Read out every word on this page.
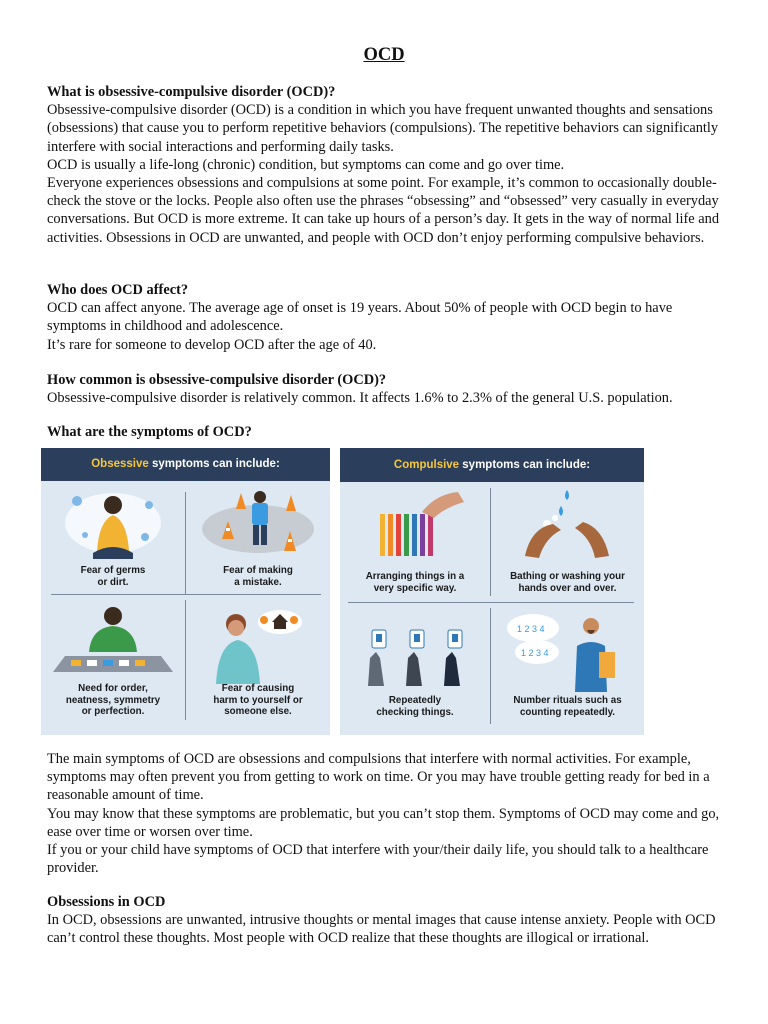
OCD
What is obsessive-compulsive disorder (OCD)?

Obsessive-compulsive disorder (OCD) is a condition in which you have frequent unwanted thoughts and sensations (obsessions) that cause you to perform repetitive behaviors (compulsions). The repetitive behaviors can significantly interfere with social interactions and performing daily tasks.

OCD is usually a life-long (chronic) condition, but symptoms can come and go over time.

Everyone experiences obsessions and compulsions at some point. For example, it’s common to occasionally double-check the stove or the locks. People also often use the phrases “obsessing” and “obsessed” very casually in everyday conversations. But OCD is more extreme. It can take up hours of a person’s day. It gets in the way of normal life and activities. Obsessions in OCD are unwanted, and people with OCD don’t enjoy performing compulsive behaviors.

Who does OCD affect?

OCD can affect anyone. The average age of onset is 19 years. About 50% of people with OCD begin to have symptoms in childhood and adolescence.

It’s rare for someone to develop OCD after the age of 40.

How common is obsessive-compulsive disorder (OCD)?

Obsessive-compulsive disorder is relatively common. It affects 1.6% to 2.3% of the general U.S. population.

What are the symptoms of OCD?

The main symptoms of OCD are obsessions and compulsions that interfere with normal activities. For example, symptoms may often prevent you from getting to work on time. Or you may have trouble getting ready for bed in a reasonable amount of time.

You may know that these symptoms are problematic, but you can’t stop them. Symptoms of OCD may come and go, ease over time or worsen over time.

If you or your child have symptoms of OCD that interfere with your/their daily life, you should talk to a healthcare provider.

Obsessions in OCD

In OCD, obsessions are unwanted, intrusive thoughts or mental images that cause intense anxiety. People with OCD can’t control these thoughts. Most people with OCD realize that these thoughts are illogical or irrational.

Obsessive symptoms can include:
Fear of germs
or dirt.
Fear of making
a mistake.
Need for order,
neatness, symmetry
or perfection.
Fear of causing
harm to yourself or
someone else.
Compulsive symptoms can include:
Arranging things in a
very specific way.
Bathing or washing your
hands over and over.
Repeatedly
checking things.
1 2 3 4
1 2 3 4
Number rituals such as
counting repeatedly.
